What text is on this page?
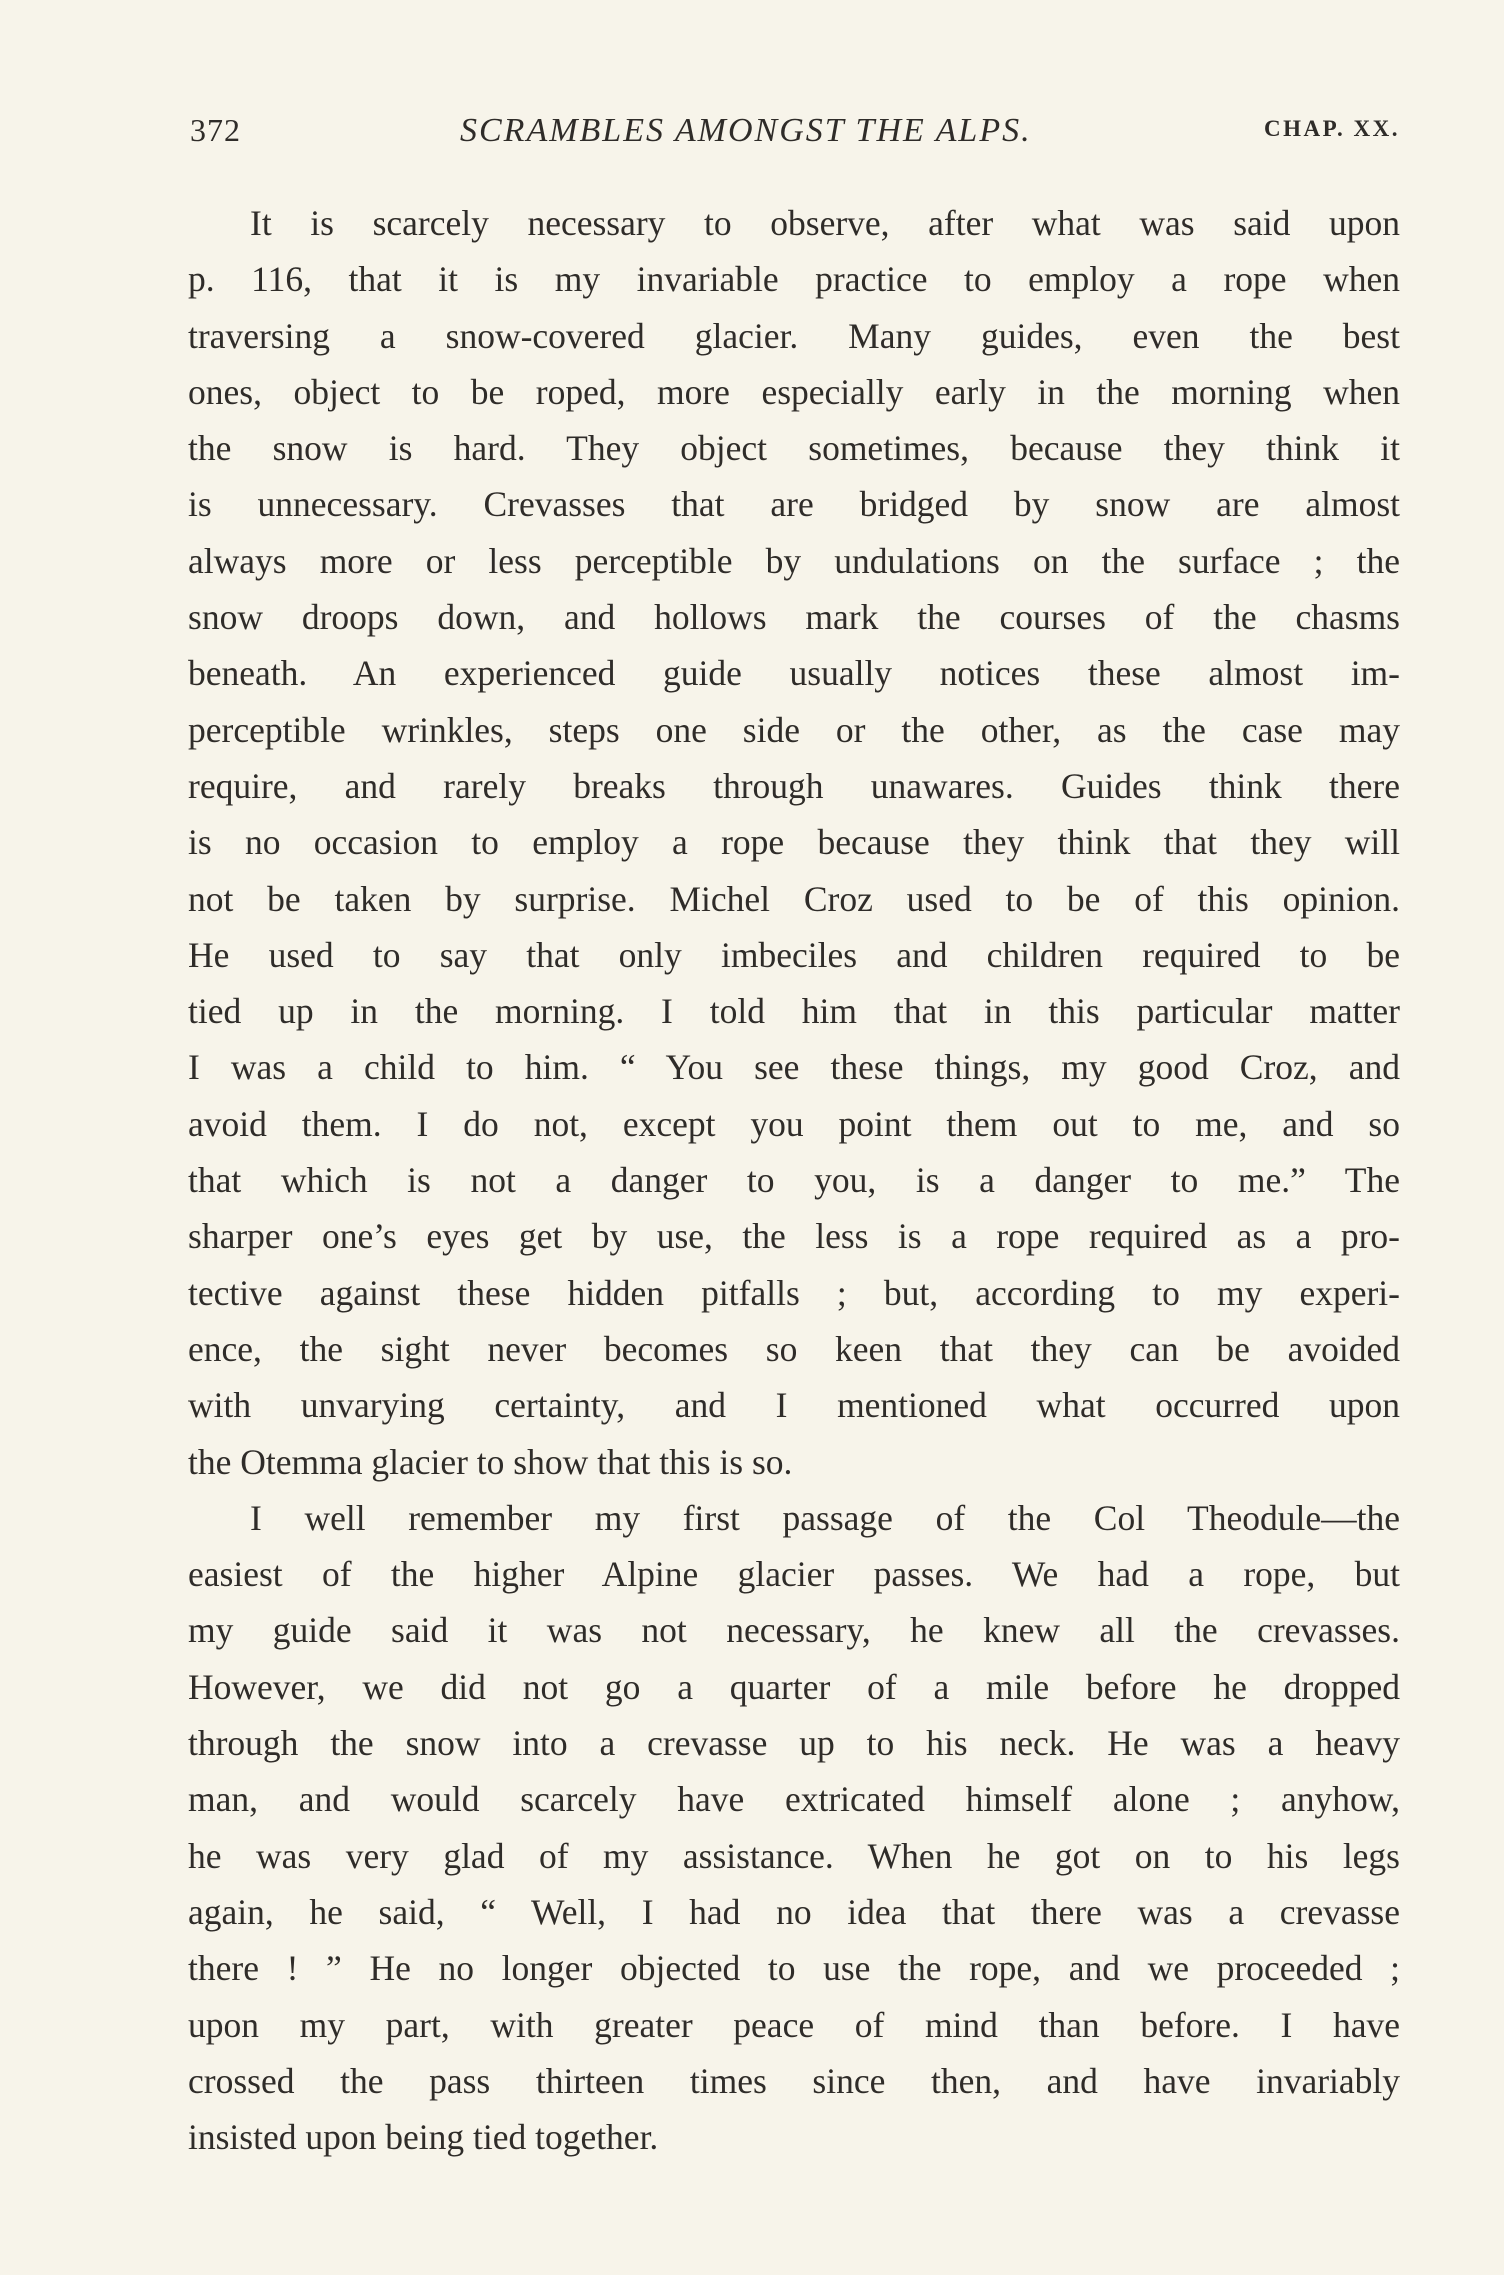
372	SCRAMBLES AMONGST THE ALPS.	CHAP. XX.
It is scarcely necessary to observe, after what was said upon
p. 116, that it is my invariable practice to employ a rope when
traversing a snow-covered glacier. Many guides, even the best
ones, object to be roped, more especially early in the morning when
the snow is hard. They object sometimes, because they think it
is unnecessary. Crevasses that are bridged by snow are almost
always more or less perceptible by undulations on the surface ; the
snow droops down, and hollows mark the courses of the chasms
beneath. An experienced guide usually notices these almost im-
perceptible wrinkles, steps one side or the other, as the case may
require, and rarely breaks through unawares. Guides think there
is no occasion to employ a rope because they think that they will
not be taken by surprise. Michel Croz used to be of this opinion.
He used to say that only imbeciles and children required to be
tied up in the morning. I told him that in this particular matter
I was a child to him. “ You see these things, my good Croz, and
avoid them. I do not, except you point them out to me, and so
that which is not a danger to you, is a danger to me.” The
sharper one’s eyes get by use, the less is a rope required as a pro-
tective against these hidden pitfalls ; but, according to my experi-
ence, the sight never becomes so keen that they can be avoided
with unvarying certainty, and I mentioned what occurred upon
the Otemma glacier to show that this is so.
I well remember my first passage of the Col Theodule—the
easiest of the higher Alpine glacier passes. We had a rope, but
my guide said it was not necessary, he knew all the crevasses.
However, we did not go a quarter of a mile before he dropped
through the snow into a crevasse up to his neck. He was a heavy
man, and would scarcely have extricated himself alone ; anyhow,
he was very glad of my assistance. When he got on to his legs
again, he said, “ Well, I had no idea that there was a crevasse
there ! ” He no longer objected to use the rope, and we proceeded ;
upon my part, with greater peace of mind than before. I have
crossed the pass thirteen times since then, and have invariably
insisted upon being tied together.
